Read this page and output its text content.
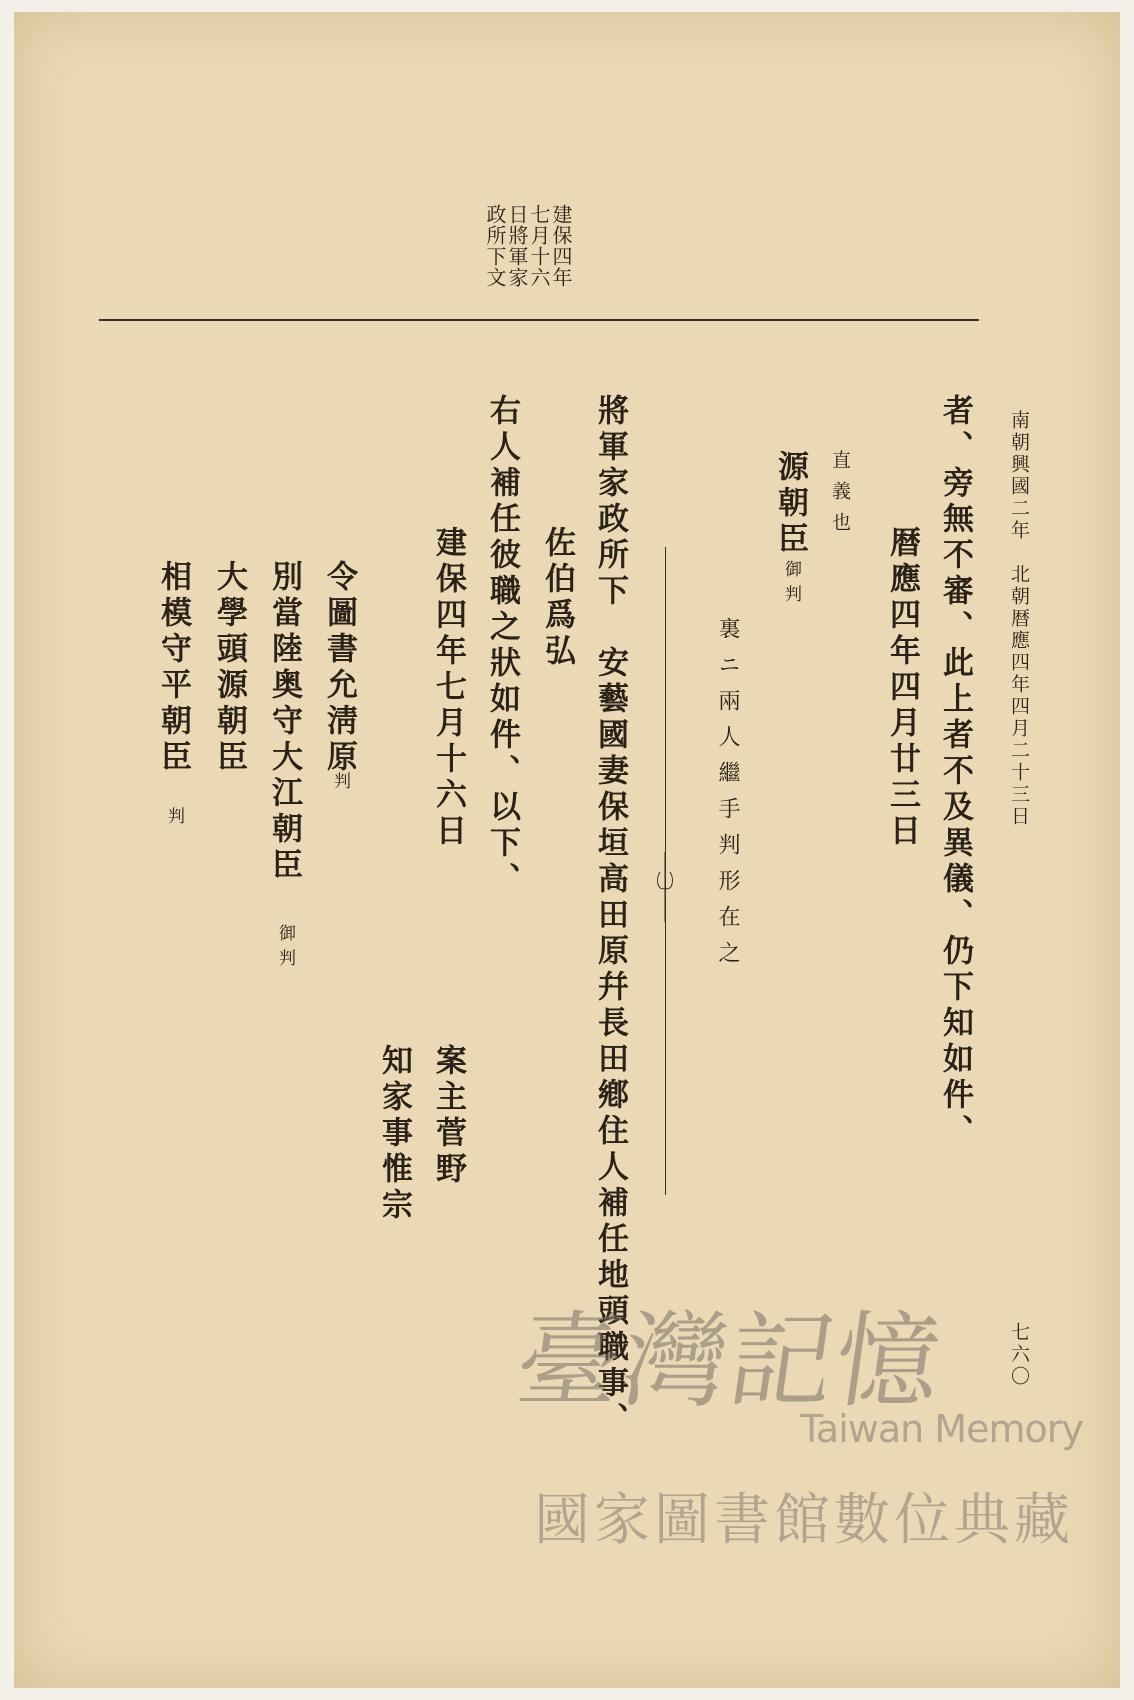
建保四年
七月十六
日將軍家
政所下文
南朝興國二年　北朝暦應四年四月二十三日
七六〇
者、旁無不審、此上者不及異儀、仍下知如件、
暦應四年四月廿三日
直義也
源朝臣
御判
裏ニ兩人繼手判形在之
將軍家政所下　安藝國妻保垣高田原幷長田鄕住人補任地頭職事、
佐伯爲弘
右人補任彼職之狀如件、以下、
建保四年七月十六日
案主菅野
知家事惟宗
令圖書允淸原
判
別當陸奥守大江朝臣
御判
大學頭源朝臣
相模守平朝臣
判
臺灣記憶
Taiwan Memory
國家圖書館數位典藏
